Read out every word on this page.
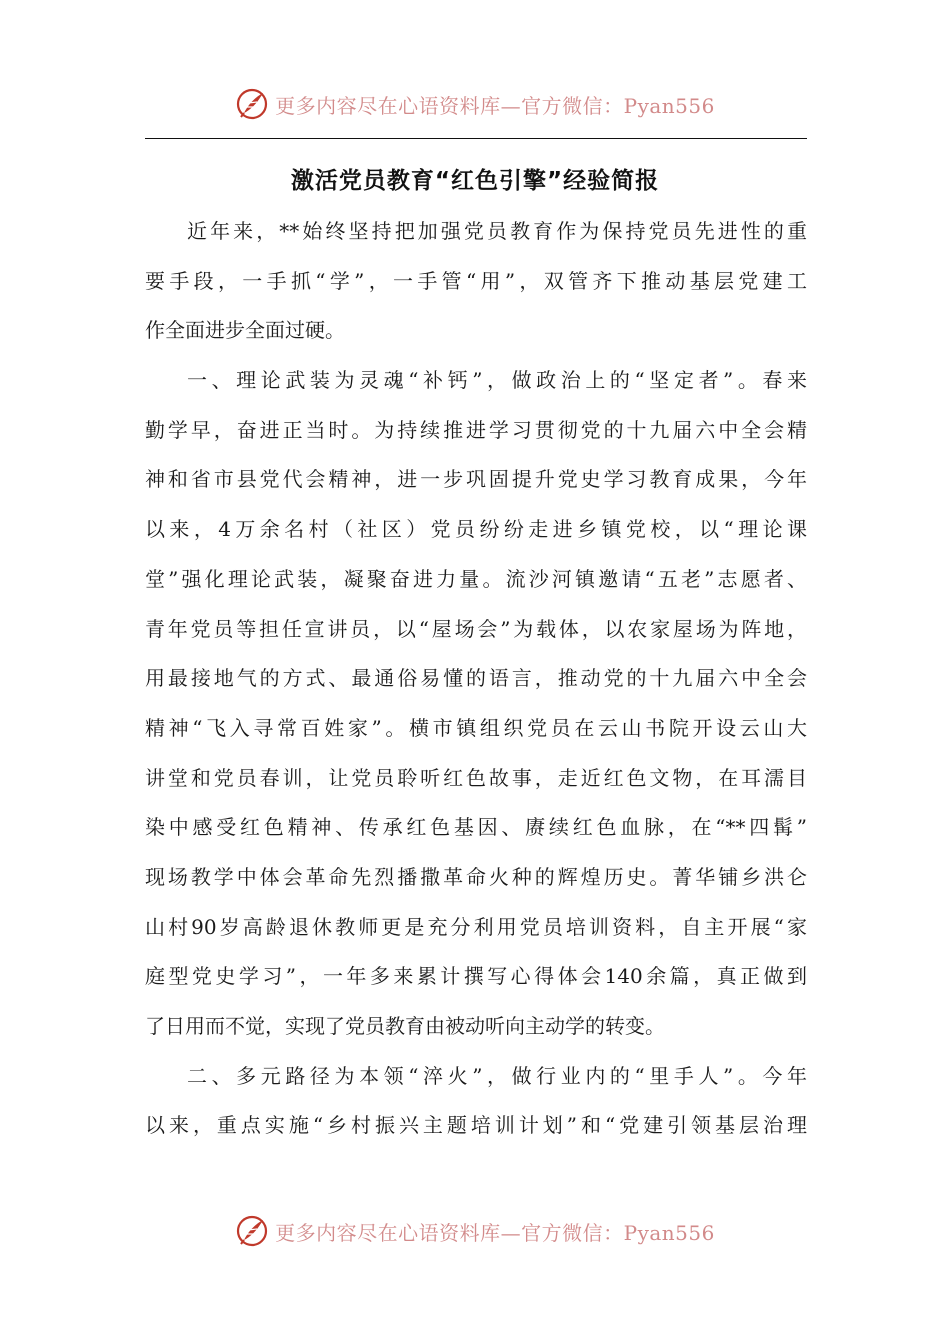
更多内容尽在心语资料库—官方微信：Pyan556
激活党员教育“红色引擎”经验简报
近年来，**始终坚持把加强党员教育作为保持党员先进性的重
要手段，一手抓“学”，一手管“用”，双管齐下推动基层党建工
作全面进步全面过硬。
一、理论武装为灵魂“补钙”，做政治上的“坚定者”。春来
勤学早，奋进正当时。为持续推进学习贯彻党的十九届六中全会精
神和省市县党代会精神，进一步巩固提升党史学习教育成果，今年
以来，4万余名村（社区）党员纷纷走进乡镇党校，以“理论课
堂”强化理论武装，凝聚奋进力量。流沙河镇邀请“五老”志愿者、
青年党员等担任宣讲员，以“屋场会”为载体，以农家屋场为阵地，
用最接地气的方式、最通俗易懂的语言，推动党的十九届六中全会
精神“飞入寻常百姓家”。横市镇组织党员在云山书院开设云山大
讲堂和党员春训，让党员聆听红色故事，走近红色文物，在耳濡目
染中感受红色精神、传承红色基因、赓续红色血脉，在“**四髯”
现场教学中体会革命先烈播撒革命火种的辉煌历史。菁华铺乡洪仑
山村90岁高龄退休教师更是充分利用党员培训资料，自主开展“家
庭型党史学习”，一年多来累计撰写心得体会140余篇，真正做到
了日用而不觉，实现了党员教育由被动听向主动学的转变。
二、多元路径为本领“淬火”，做行业内的“里手人”。今年
以来，重点实施“乡村振兴主题培训计划”和“党建引领基层治理
更多内容尽在心语资料库—官方微信：Pyan556
